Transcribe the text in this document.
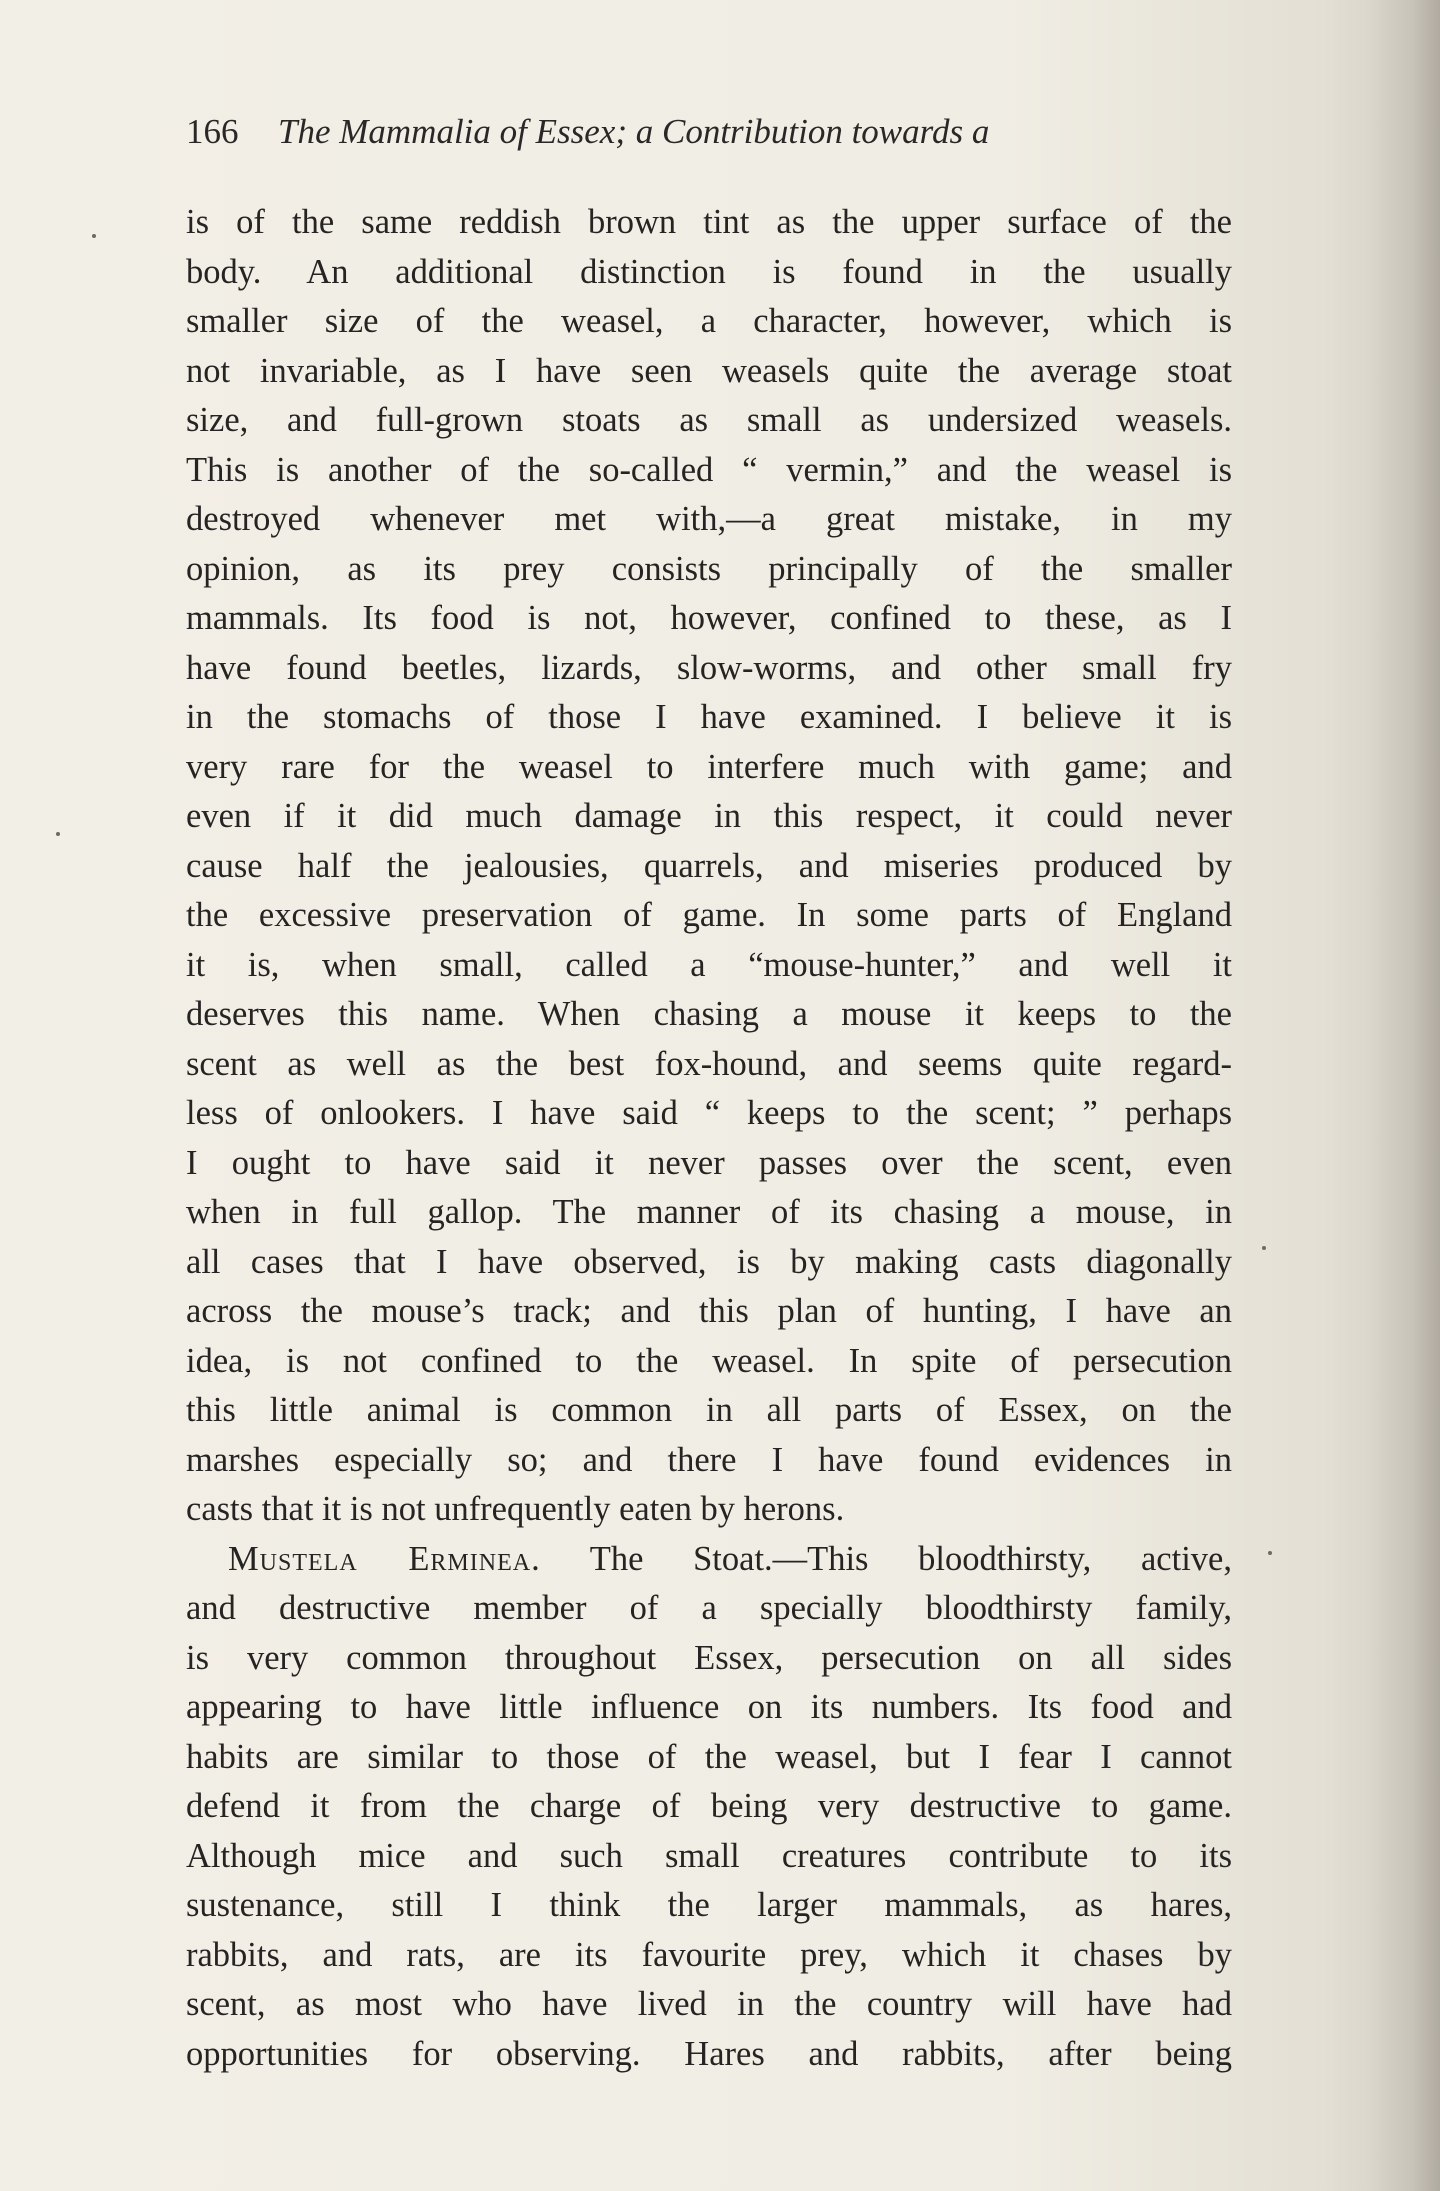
166 The Mammalia of Essex; a Contribution towards a
is of the same reddish brown tint as the upper surface of the
body. An additional distinction is found in the usually
smaller size of the weasel, a character, however, which is
not invariable, as I have seen weasels quite the average stoat
size, and full-grown stoats as small as undersized weasels.
This is another of the so-called “ vermin,” and the weasel is
destroyed whenever met with,—a great mistake, in my
opinion, as its prey consists principally of the smaller
mammals. Its food is not, however, confined to these, as I
have found beetles, lizards, slow-worms, and other small fry
in the stomachs of those I have examined. I believe it is
very rare for the weasel to interfere much with game; and
even if it did much damage in this respect, it could never
cause half the jealousies, quarrels, and miseries produced by
the excessive preservation of game. In some parts of England
it is, when small, called a “mouse-hunter,” and well it
deserves this name. When chasing a mouse it keeps to the
scent as well as the best fox-hound, and seems quite regard-
less of onlookers. I have said “ keeps to the scent; ” perhaps
I ought to have said it never passes over the scent, even
when in full gallop. The manner of its chasing a mouse, in
all cases that I have observed, is by making casts diagonally
across the mouse’s track; and this plan of hunting, I have an
idea, is not confined to the weasel. In spite of persecution
this little animal is common in all parts of Essex, on the
marshes especially so; and there I have found evidences in
casts that it is not unfrequently eaten by herons.
Mustela Erminea. The Stoat.—This bloodthirsty, active,
and destructive member of a specially bloodthirsty family,
is very common throughout Essex, persecution on all sides
appearing to have little influence on its numbers. Its food and
habits are similar to those of the weasel, but I fear I cannot
defend it from the charge of being very destructive to game.
Although mice and such small creatures contribute to its
sustenance, still I think the larger mammals, as hares,
rabbits, and rats, are its favourite prey, which it chases by
scent, as most who have lived in the country will have had
opportunities for observing. Hares and rabbits, after being
